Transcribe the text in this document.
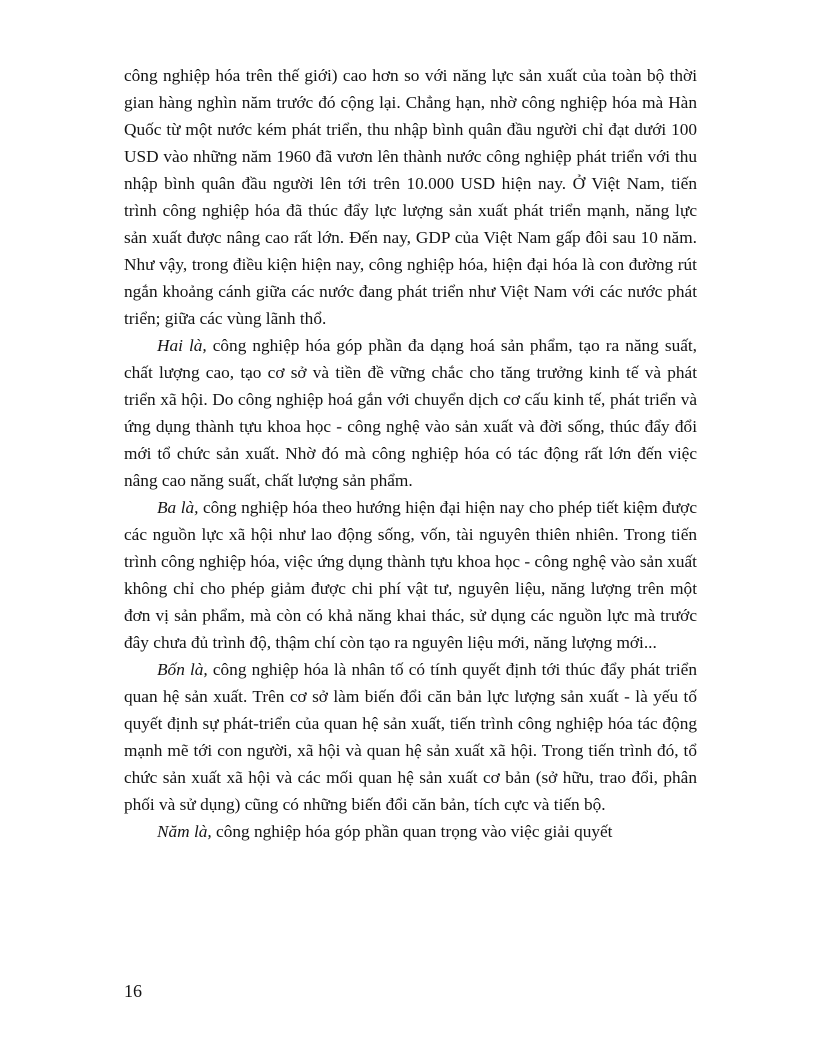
công nghiệp hóa trên thế giới) cao hơn so với năng lực sản xuất của toàn bộ thời gian hàng nghìn năm trước đó cộng lại. Chẳng hạn, nhờ công nghiệp hóa mà Hàn Quốc từ một nước kém phát triển, thu nhập bình quân đầu người chỉ đạt dưới 100 USD vào những năm 1960 đã vươn lên thành nước công nghiệp phát triển với thu nhập bình quân đầu người lên tới trên 10.000 USD hiện nay. Ở Việt Nam, tiến trình công nghiệp hóa đã thúc đẩy lực lượng sản xuất phát triển mạnh, năng lực sản xuất được nâng cao rất lớn. Đến nay, GDP của Việt Nam gấp đôi sau 10 năm. Như vậy, trong điều kiện hiện nay, công nghiệp hóa, hiện đại hóa là con đường rút ngắn khoảng cánh giữa các nước đang phát triển như Việt Nam với các nước phát triển; giữa các vùng lãnh thổ.

Hai là, công nghiệp hóa góp phần đa dạng hoá sản phẩm, tạo ra năng suất, chất lượng cao, tạo cơ sở và tiền đề vững chắc cho tăng trưởng kinh tế và phát triển xã hội. Do công nghiệp hoá gắn với chuyển dịch cơ cấu kinh tế, phát triển và ứng dụng thành tựu khoa học - công nghệ vào sản xuất và đời sống, thúc đẩy đổi mới tổ chức sản xuất. Nhờ đó mà công nghiệp hóa có tác động rất lớn đến việc nâng cao năng suất, chất lượng sản phẩm.

Ba là, công nghiệp hóa theo hướng hiện đại hiện nay cho phép tiết kiệm được các nguồn lực xã hội như lao động sống, vốn, tài nguyên thiên nhiên. Trong tiến trình công nghiệp hóa, việc ứng dụng thành tựu khoa học - công nghệ vào sản xuất không chỉ cho phép giảm được chi phí vật tư, nguyên liệu, năng lượng trên một đơn vị sản phẩm, mà còn có khả năng khai thác, sử dụng các nguồn lực mà trước đây chưa đủ trình độ, thậm chí còn tạo ra nguyên liệu mới, năng lượng mới...

Bốn là, công nghiệp hóa là nhân tố có tính quyết định tới thúc đẩy phát triển quan hệ sản xuất. Trên cơ sở làm biến đổi căn bản lực lượng sản xuất - là yếu tố quyết định sự phát-triển của quan hệ sản xuất, tiến trình công nghiệp hóa tác động mạnh mẽ tới con người, xã hội và quan hệ sản xuất xã hội. Trong tiến trình đó, tổ chức sản xuất xã hội và các mối quan hệ sản xuất cơ bản (sở hữu, trao đổi, phân phối và sử dụng) cũng có những biến đổi căn bản, tích cực và tiến bộ.

Năm là, công nghiệp hóa góp phần quan trọng vào việc giải quyết

16
